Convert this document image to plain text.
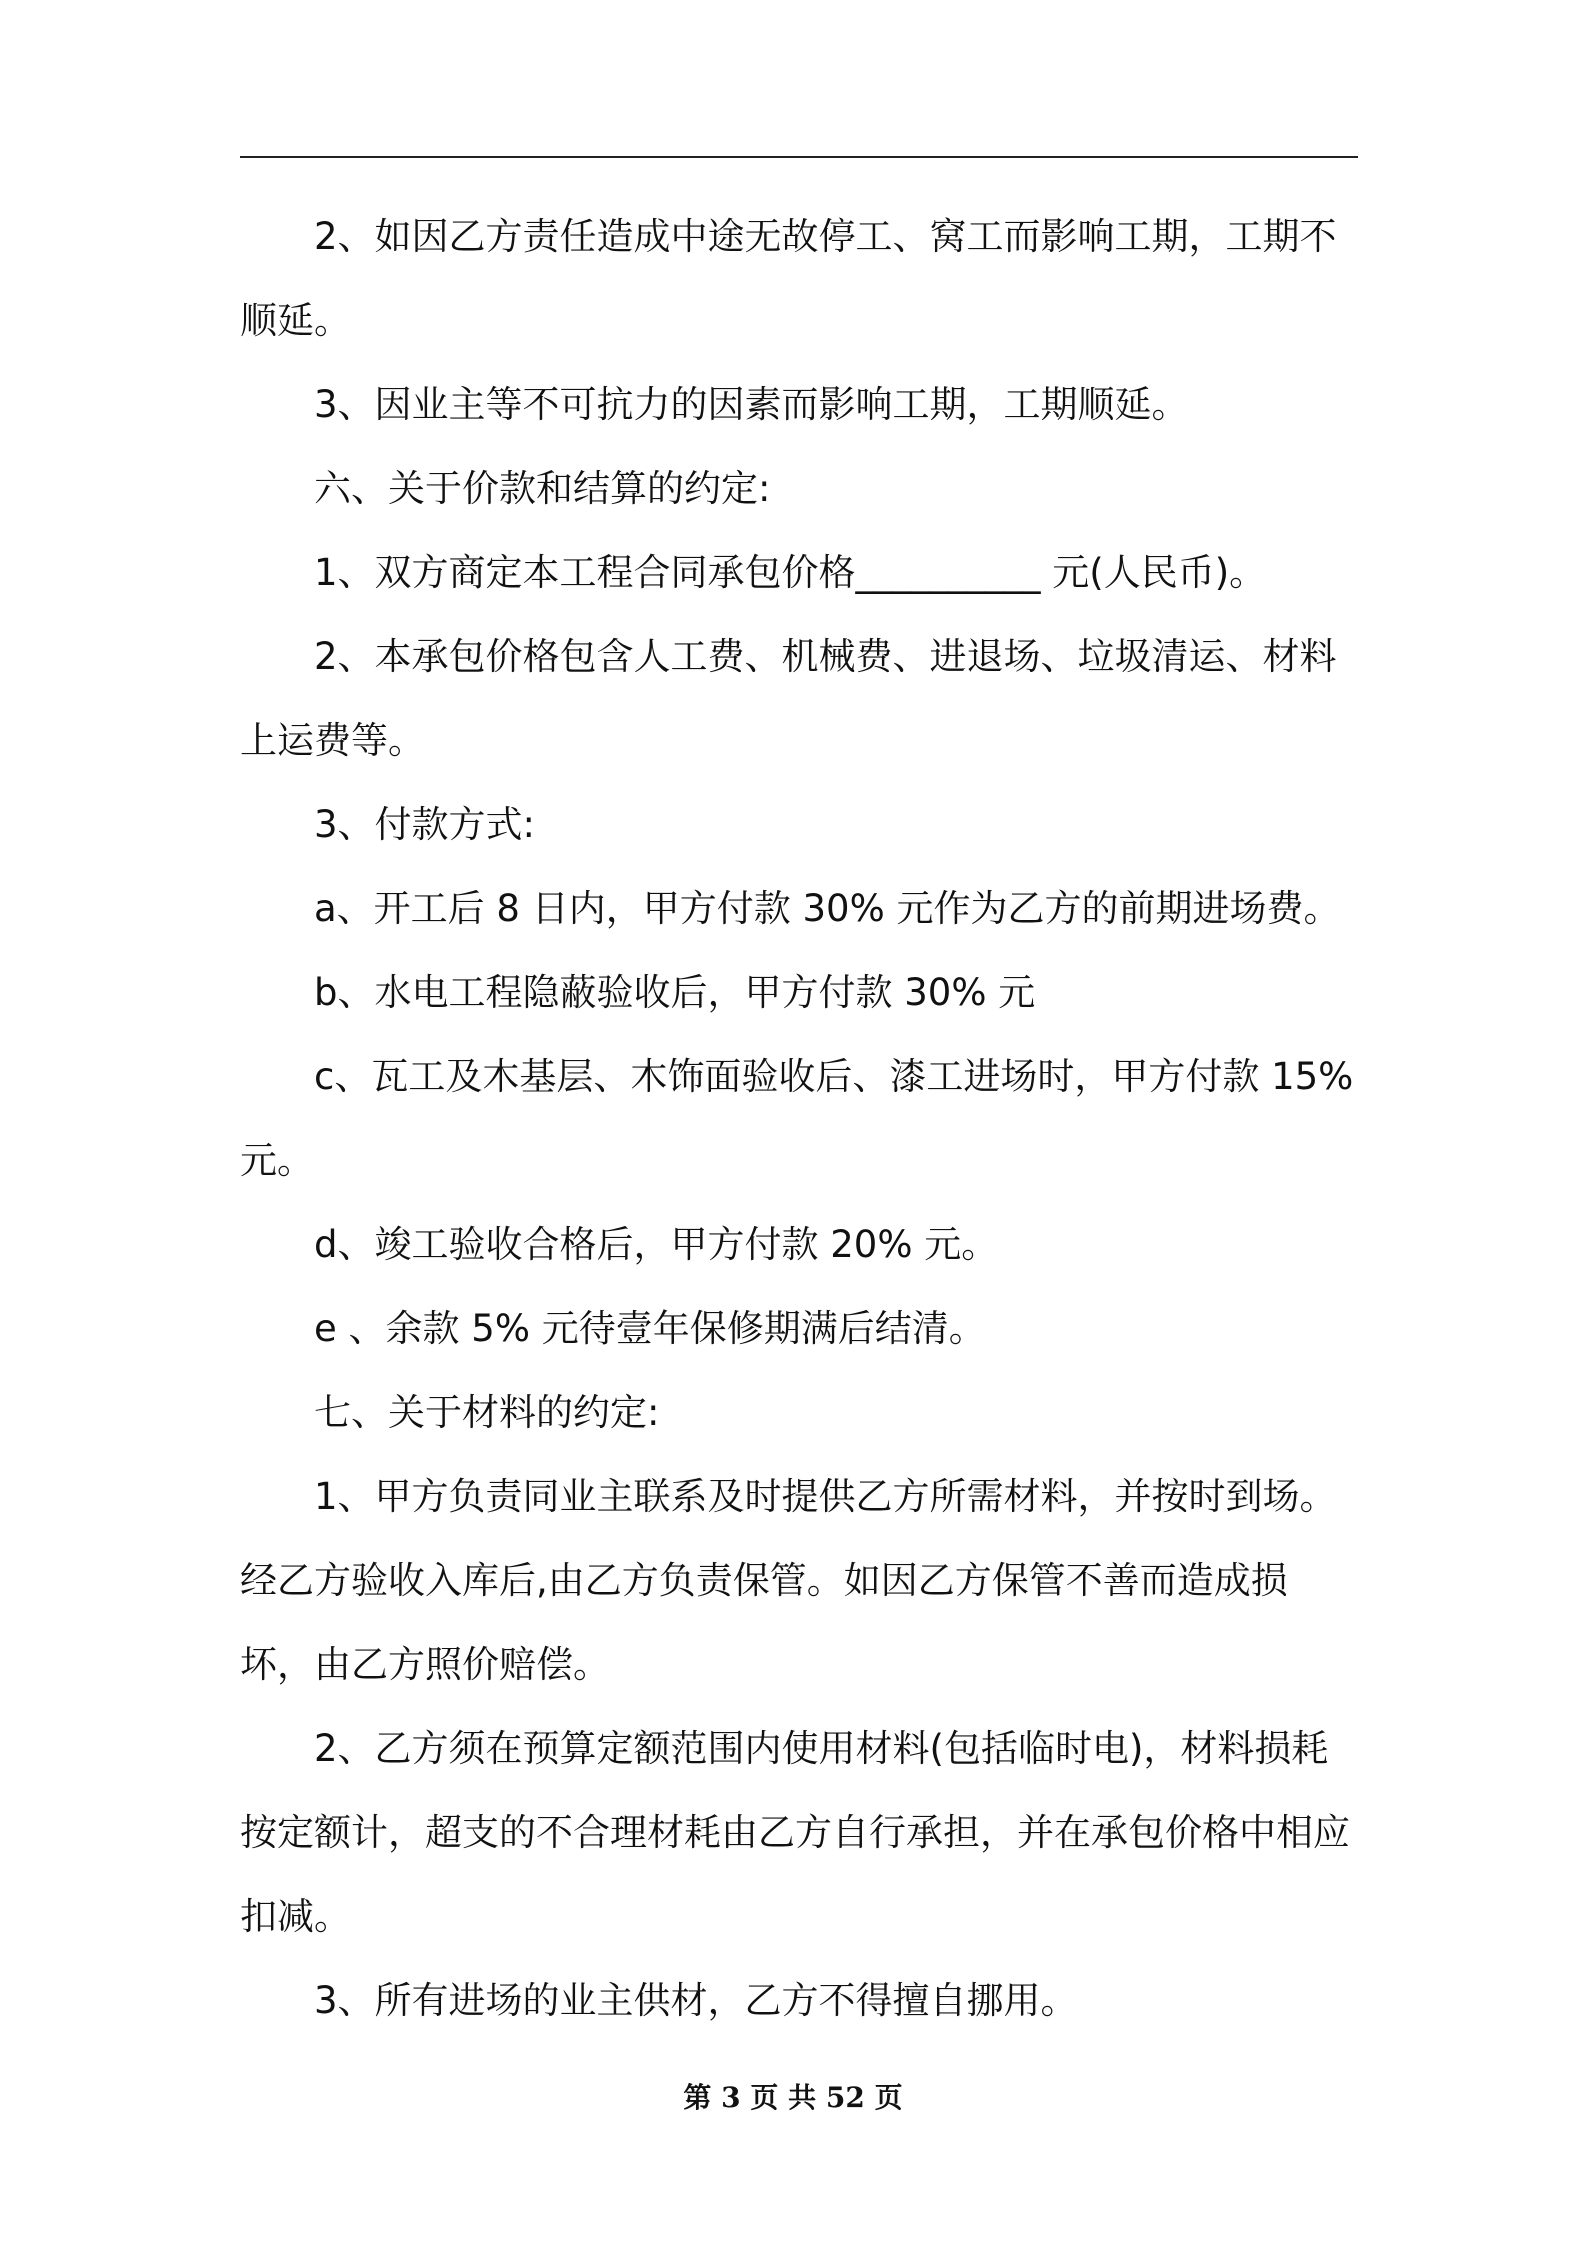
2、如因乙方责任造成中途无故停工、窝工而影响工期，工期不顺延。

3、因业主等不可抗力的因素而影响工期，工期顺延。

六、关于价款和结算的约定:

1、双方商定本工程合同承包价格__________ 元(人民币)。

2、本承包价格包含人工费、机械费、进退场、垃圾清运、材料上运费等。

3、付款方式:

a、开工后 8 日内，甲方付款 30% 元作为乙方的前期进场费。

b、水电工程隐蔽验收后，甲方付款 30% 元

c、瓦工及木基层、木饰面验收后、漆工进场时，甲方付款 15%元。

d、竣工验收合格后，甲方付款 20% 元。

e 、余款 5% 元待壹年保修期满后结清。

七、关于材料的约定:

1、甲方负责同业主联系及时提供乙方所需材料，并按时到场。经乙方验收入库后,由乙方负责保管。如因乙方保管不善而造成损坏，由乙方照价赔偿。

2、乙方须在预算定额范围内使用材料(包括临时电)，材料损耗按定额计，超支的不合理材耗由乙方自行承担，并在承包价格中相应扣减。

3、所有进场的业主供材，乙方不得擅自挪用。

第 3 页 共 52 页
